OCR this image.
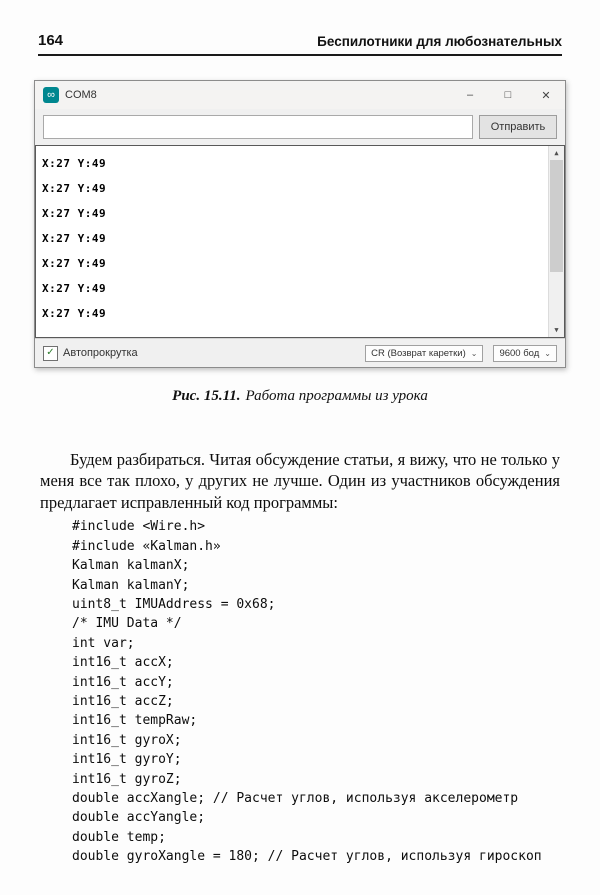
164	Беспилотники для любознательных
∞ COM8	–	□	✕
Отправить
X:27 Y:49
X:27 Y:49
X:27 Y:49
X:27 Y:49
X:27 Y:49
X:27 Y:49
X:27 Y:49
▲
▼
✓ Автопрокрутка	CR (Возврат каретки) ⌄ 9600 бод ⌄
Рис. 15.11. Работа программы из урока

Будем разбираться. Читая обсуждение статьи, я вижу, что не только у меня все так плохо, у других не лучше. Один из участников обсуждения предлагает исправленный код программы:

#include <Wire.h>
#include «Kalman.h»
Kalman kalmanX;
Kalman kalmanY;
uint8_t IMUAddress = 0x68;
/* IMU Data */
int var;
int16_t accX;
int16_t accY;
int16_t accZ;
int16_t tempRaw;
int16_t gyroX;
int16_t gyroY;
int16_t gyroZ;
double accXangle; // Расчет углов, используя акселерометр
double accYangle;
double temp;
double gyroXangle = 180; // Расчет углов, используя гироскоп
